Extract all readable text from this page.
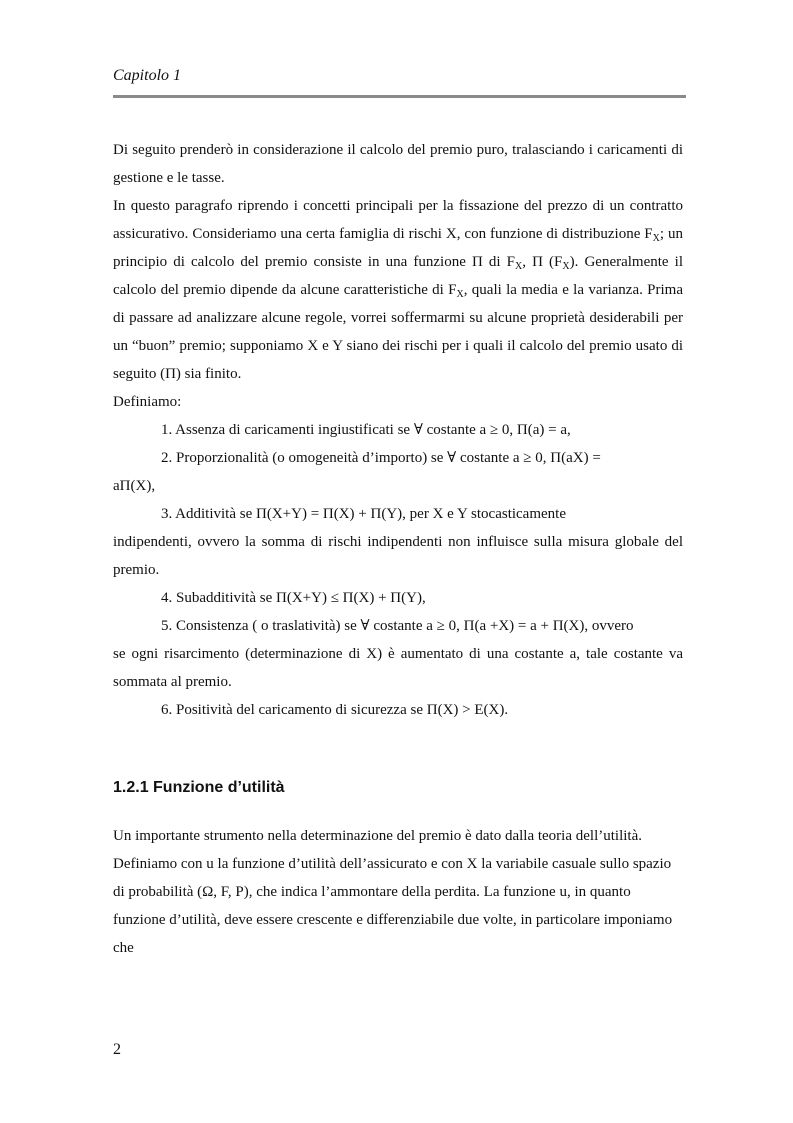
Capitolo 1

Di seguito prenderò in considerazione il calcolo del premio puro, tralasciando i caricamenti di gestione e le tasse.

In questo paragrafo riprendo i concetti principali per la fissazione del prezzo di un contratto assicurativo. Consideriamo una certa famiglia di rischi X, con funzione di distribuzione $F_X$; un principio di calcolo del premio consiste in una funzione Π di $F_X$, Π $(F_X)$. Generalmente il calcolo del premio dipende da alcune caratteristiche di $F_X$, quali la media e la varianza. Prima di passare ad analizzare alcune regole, vorrei soffermarmi su alcune proprietà desiderabili per un “buon” premio; supponiamo X e Y siano dei rischi per i quali il calcolo del premio usato di seguito (Π) sia finito.

Definiamo:

1. Assenza di caricamenti ingiustificati se ∀ costante a ≥ 0, Π(a) = a,

2. Proporzionalità (o omogeneità d’importo) se ∀ costante a ≥ 0, Π(aX) =
aΠ(X),

3. Additività se Π(X+Y) = Π(X) + Π(Y), per X e Y stocasticamente
indipendenti, ovvero la somma di rischi indipendenti non influisce sulla misura globale del premio.

4. Subadditività se Π(X+Y) ≤ Π(X) + Π(Y),

5. Consistenza ( o traslatività) se ∀ costante a ≥ 0, Π(a +X) = a + Π(X), ovvero
se ogni risarcimento (determinazione di X) è aumentato di una costante a, tale costante va sommata al premio.

6. Positività del caricamento di sicurezza se Π(X) > E(X).

1.2.1 Funzione d’utilità

Un importante strumento nella determinazione del premio è dato dalla teoria dell’utilità. Definiamo con u la funzione d’utilità dell’assicurato e con X la variabile casuale sullo spazio di probabilità (Ω, F, P), che indica l’ammontare della perdita. La funzione u, in quanto funzione d’utilità, deve essere crescente e differenziabile due volte, in particolare imponiamo che

2
